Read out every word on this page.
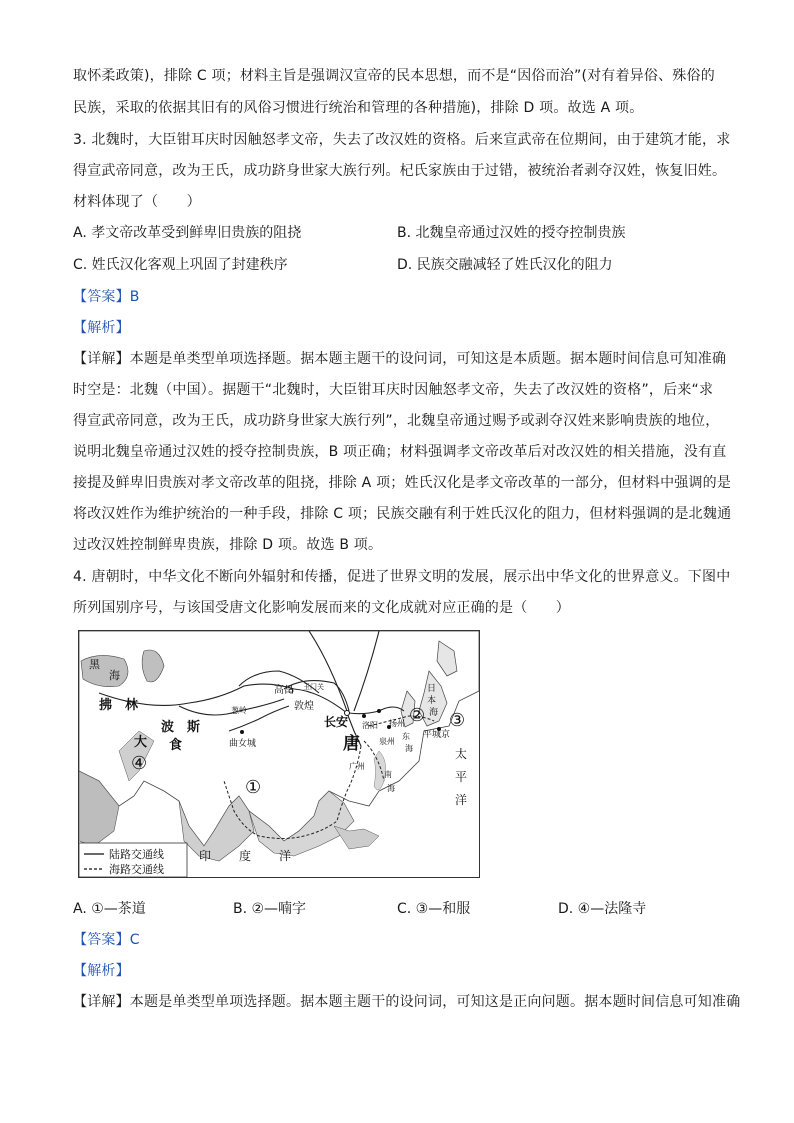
取怀柔政策)，排除 C 项；材料主旨是强调汉宣帝的民本思想，而不是“因俗而治”(对有着异俗、殊俗的
民族，采取的依据其旧有的风俗习惯进行统治和管理的各种措施)，排除 D 项。故选 A 项。
3. 北魏时，大臣钳耳庆时因触怒孝文帝，失去了改汉姓的资格。后来宣武帝在位期间，由于建筑才能，求
得宣武帝同意，改为王氏，成功跻身世家大族行列。杞氏家族由于过错，被统治者剥夺汉姓，恢复旧姓。
材料体现了（　　）
A. 孝文帝改革受到鲜卑旧贵族的阻挠	B. 北魏皇帝通过汉姓的授夺控制贵族
C. 姓氏汉化客观上巩固了封建秩序	D. 民族交融减轻了姓氏汉化的阻力
【答案】B
【解析】
【详解】本题是单类型单项选择题。据本题主题干的设问词，可知这是本质题。据本题时间信息可知准确
时空是：北魏（中国）。据题干“北魏时，大臣钳耳庆时因触怒孝文帝，失去了改汉姓的资格”，后来“求
得宣武帝同意，改为王氏，成功跻身世家大族行列”，北魏皇帝通过赐予或剥夺汉姓来影响贵族的地位，
说明北魏皇帝通过汉姓的授夺控制贵族，B 项正确；材料强调孝文帝改革后对改汉姓的相关措施，没有直
接提及鲜卑旧贵族对孝文帝改革的阻挠，排除 A 项；姓氏汉化是孝文帝改革的一部分，但材料中强调的是
将改汉姓作为维护统治的一种手段，排除 C 项；民族交融有利于姓氏汉化的阻力，但材料强调的是北魏通
过改汉姓控制鲜卑贵族，排除 D 项。故选 B 项。
4. 唐朝时，中华文化不断向外辐射和传播，促进了世界文明的发展，展示出中华文化的世界意义。下图中
所列国别序号，与该国受唐文化影响发展而来的文化成就对应正确的是（　　）
黑
海
拂　林
波　斯
大 食
高昌 玉门关
敦煌
葱岭
长安
唐
洛阳 扬州
泉州
广州
曲女城
平城京
日
本
海
东
海
南
海
太
平
洋
印 度 洋
①
② ③
④
陆路交通线
海路交通线
A. ①—茶道	B. ②—喃字	C. ③—和服	D. ④—法隆寺
【答案】C
【解析】
【详解】本题是单类型单项选择题。据本题主题干的设问词，可知这是正向问题。据本题时间信息可知准确
